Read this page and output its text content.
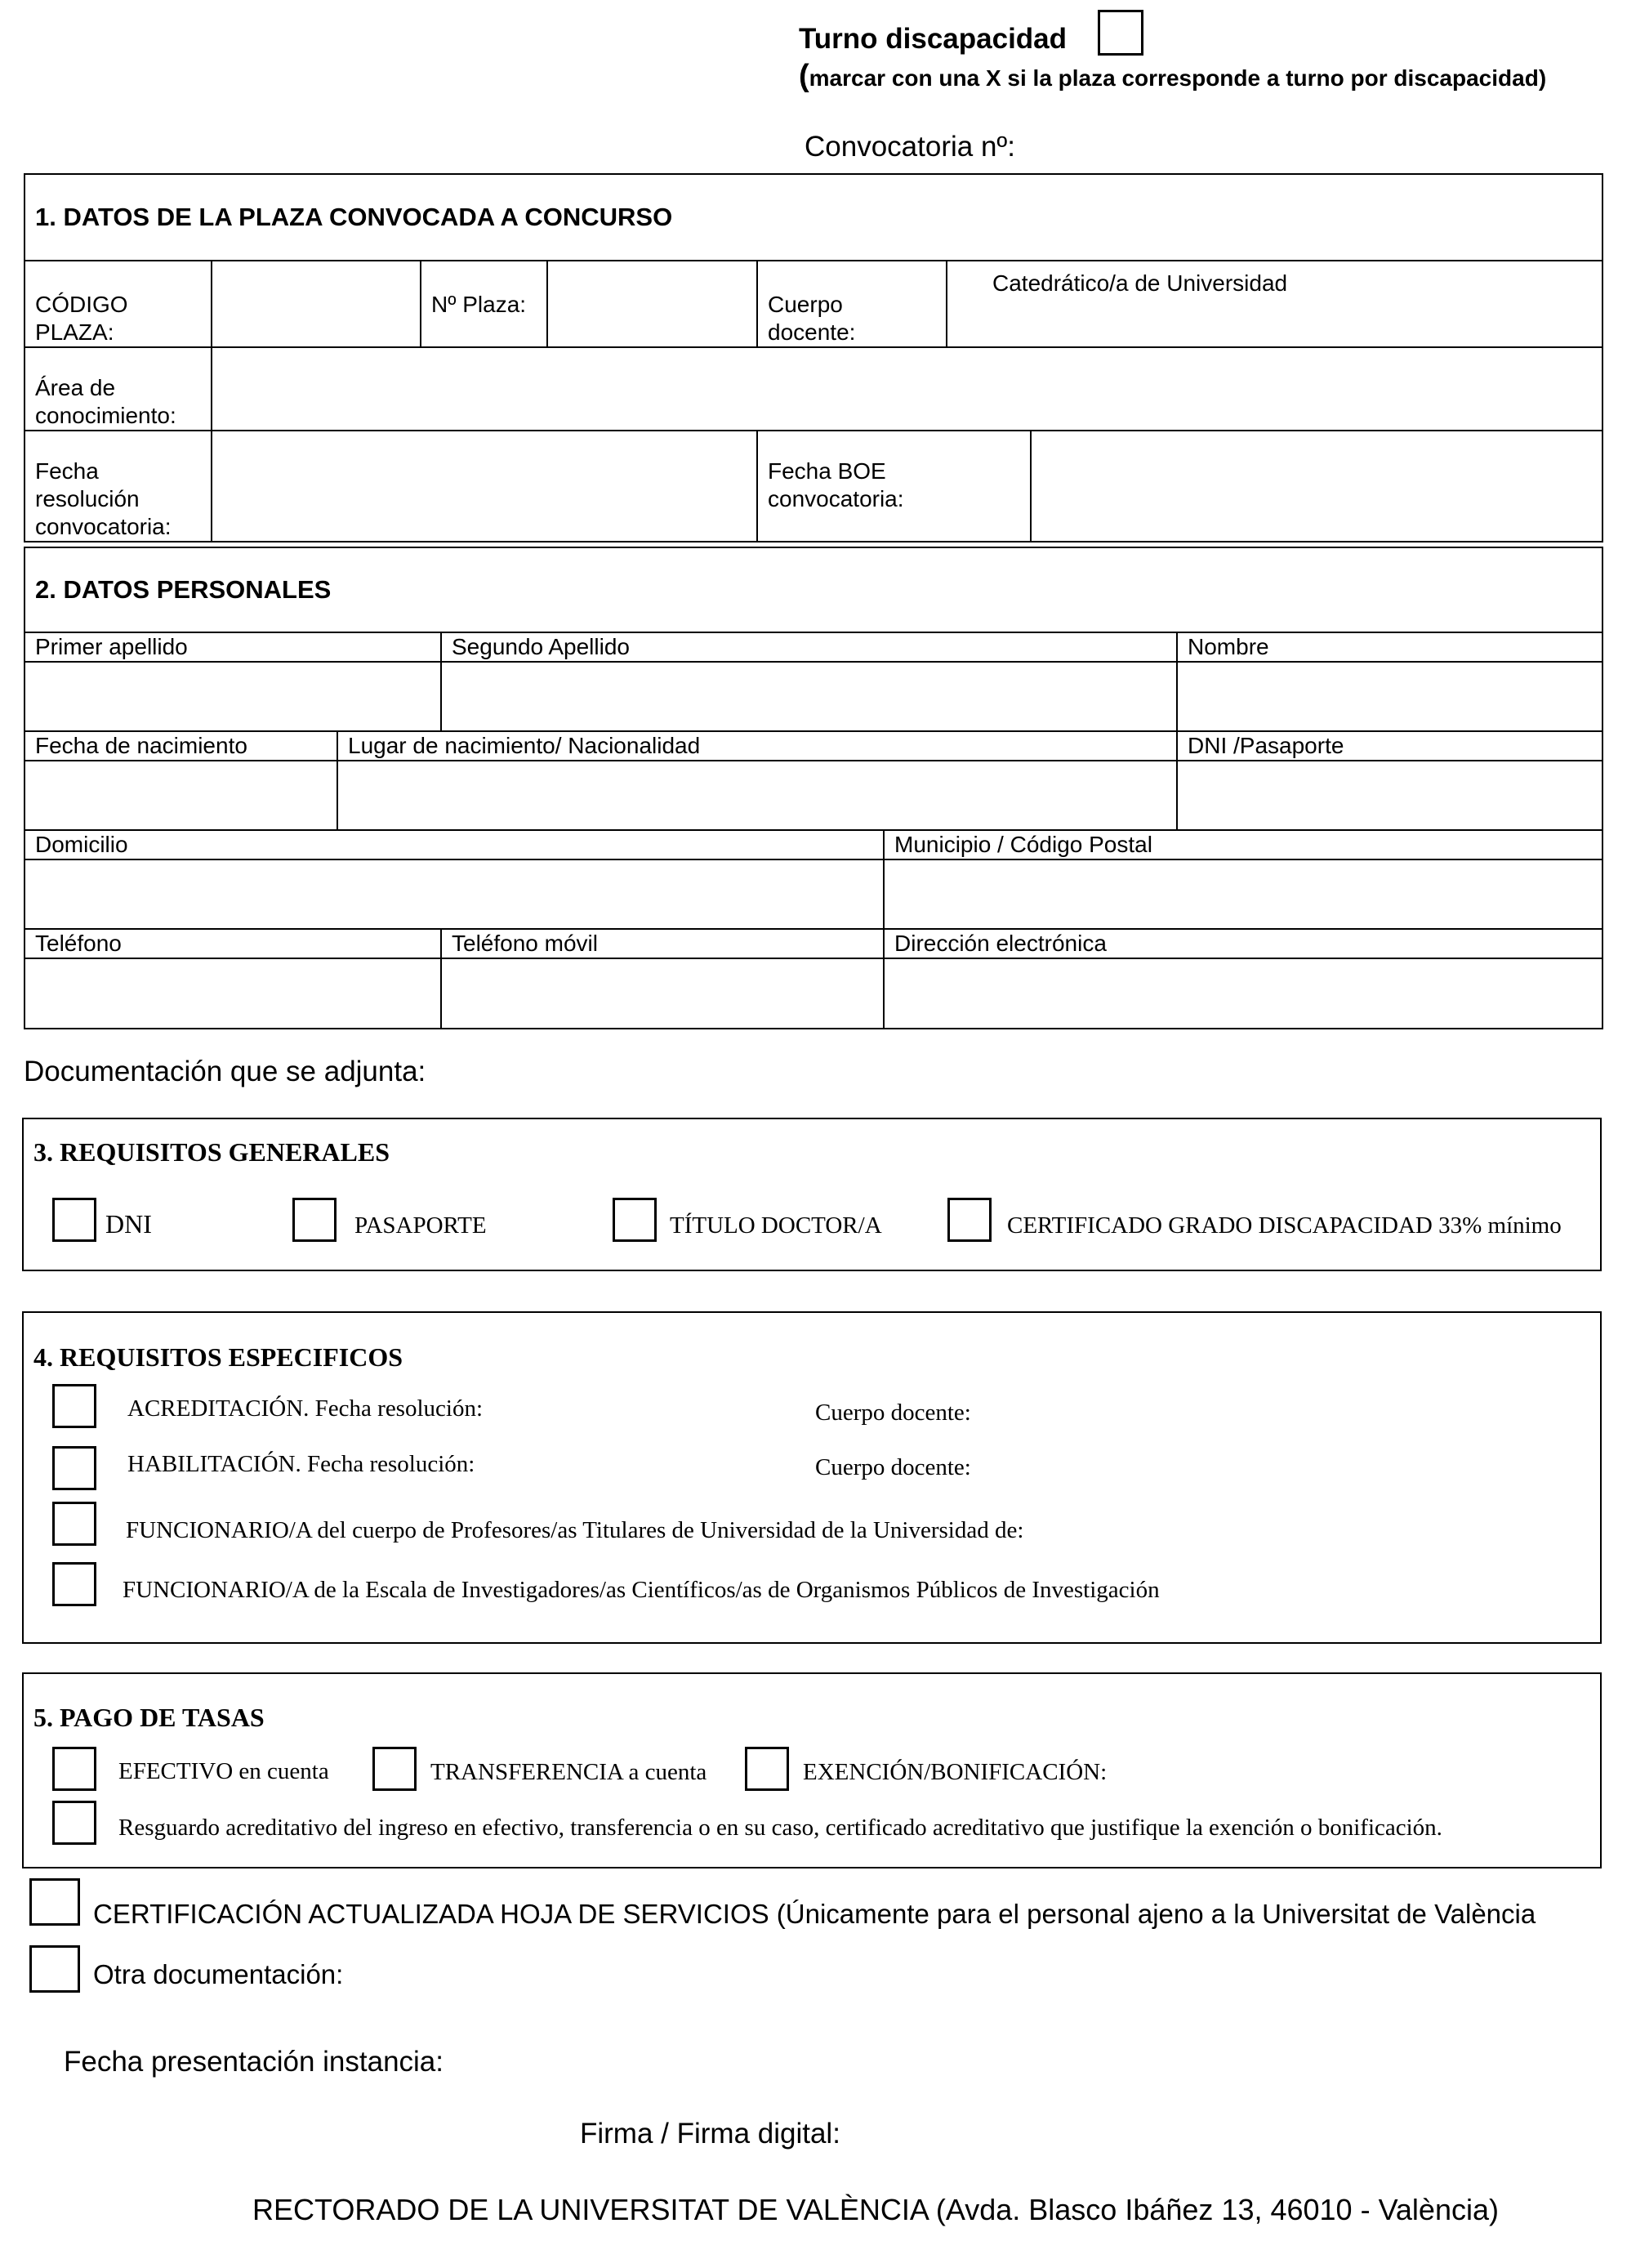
Turno discapacidad
(marcar con una X si la plaza corresponde a turno por discapacidad)
Convocatoria nº:
1. DATOS DE LA PLAZA CONVOCADA A CONCURSO						
CÓDIGO PLAZA:		Nº Plaza:		Cuerpo docente:	Catedrático/a de Universidad	
Área de conocimiento:						
Fecha resolución convocatoria:				Fecha BOE convocatoria:		
2. DATOS PERSONALES				
Primer apellido		Segundo Apellido		Nombre

Fecha de nacimiento	Lugar de nacimiento/ Nacionalidad			DNI /Pasaporte

Domicilio			Municipio / Código Postal	

Teléfono		Teléfono móvil	Dirección electrónica	

Documentación que se adjunta:
3. REQUISITOS GENERALES
DNI	PASAPORTE	TÍTULO DOCTOR/A	CERTIFICADO GRADO DISCAPACIDAD 33% mínimo
4. REQUISITOS ESPECIFICOS
ACREDITACIÓN. Fecha resolución:	Cuerpo docente:
HABILITACIÓN. Fecha resolución:	Cuerpo docente:
FUNCIONARIO/A del cuerpo de Profesores/as Titulares de Universidad de la Universidad de:
FUNCIONARIO/A de la Escala de Investigadores/as Científicos/as de Organismos Públicos de Investigación
5. PAGO DE TASAS
EFECTIVO en cuenta	TRANSFERENCIA a cuenta	EXENCIÓN/BONIFICACIÓN:
Resguardo acreditativo del ingreso en efectivo, transferencia o en su caso, certificado acreditativo que justifique la exención o bonificación.
CERTIFICACIÓN ACTUALIZADA HOJA DE SERVICIOS (Únicamente para el personal ajeno a la Universitat de València
Otra documentación:
Fecha presentación instancia:
Firma / Firma digital:
RECTORADO DE LA UNIVERSITAT DE VALÈNCIA (Avda. Blasco Ibáñez 13, 46010 - València)
